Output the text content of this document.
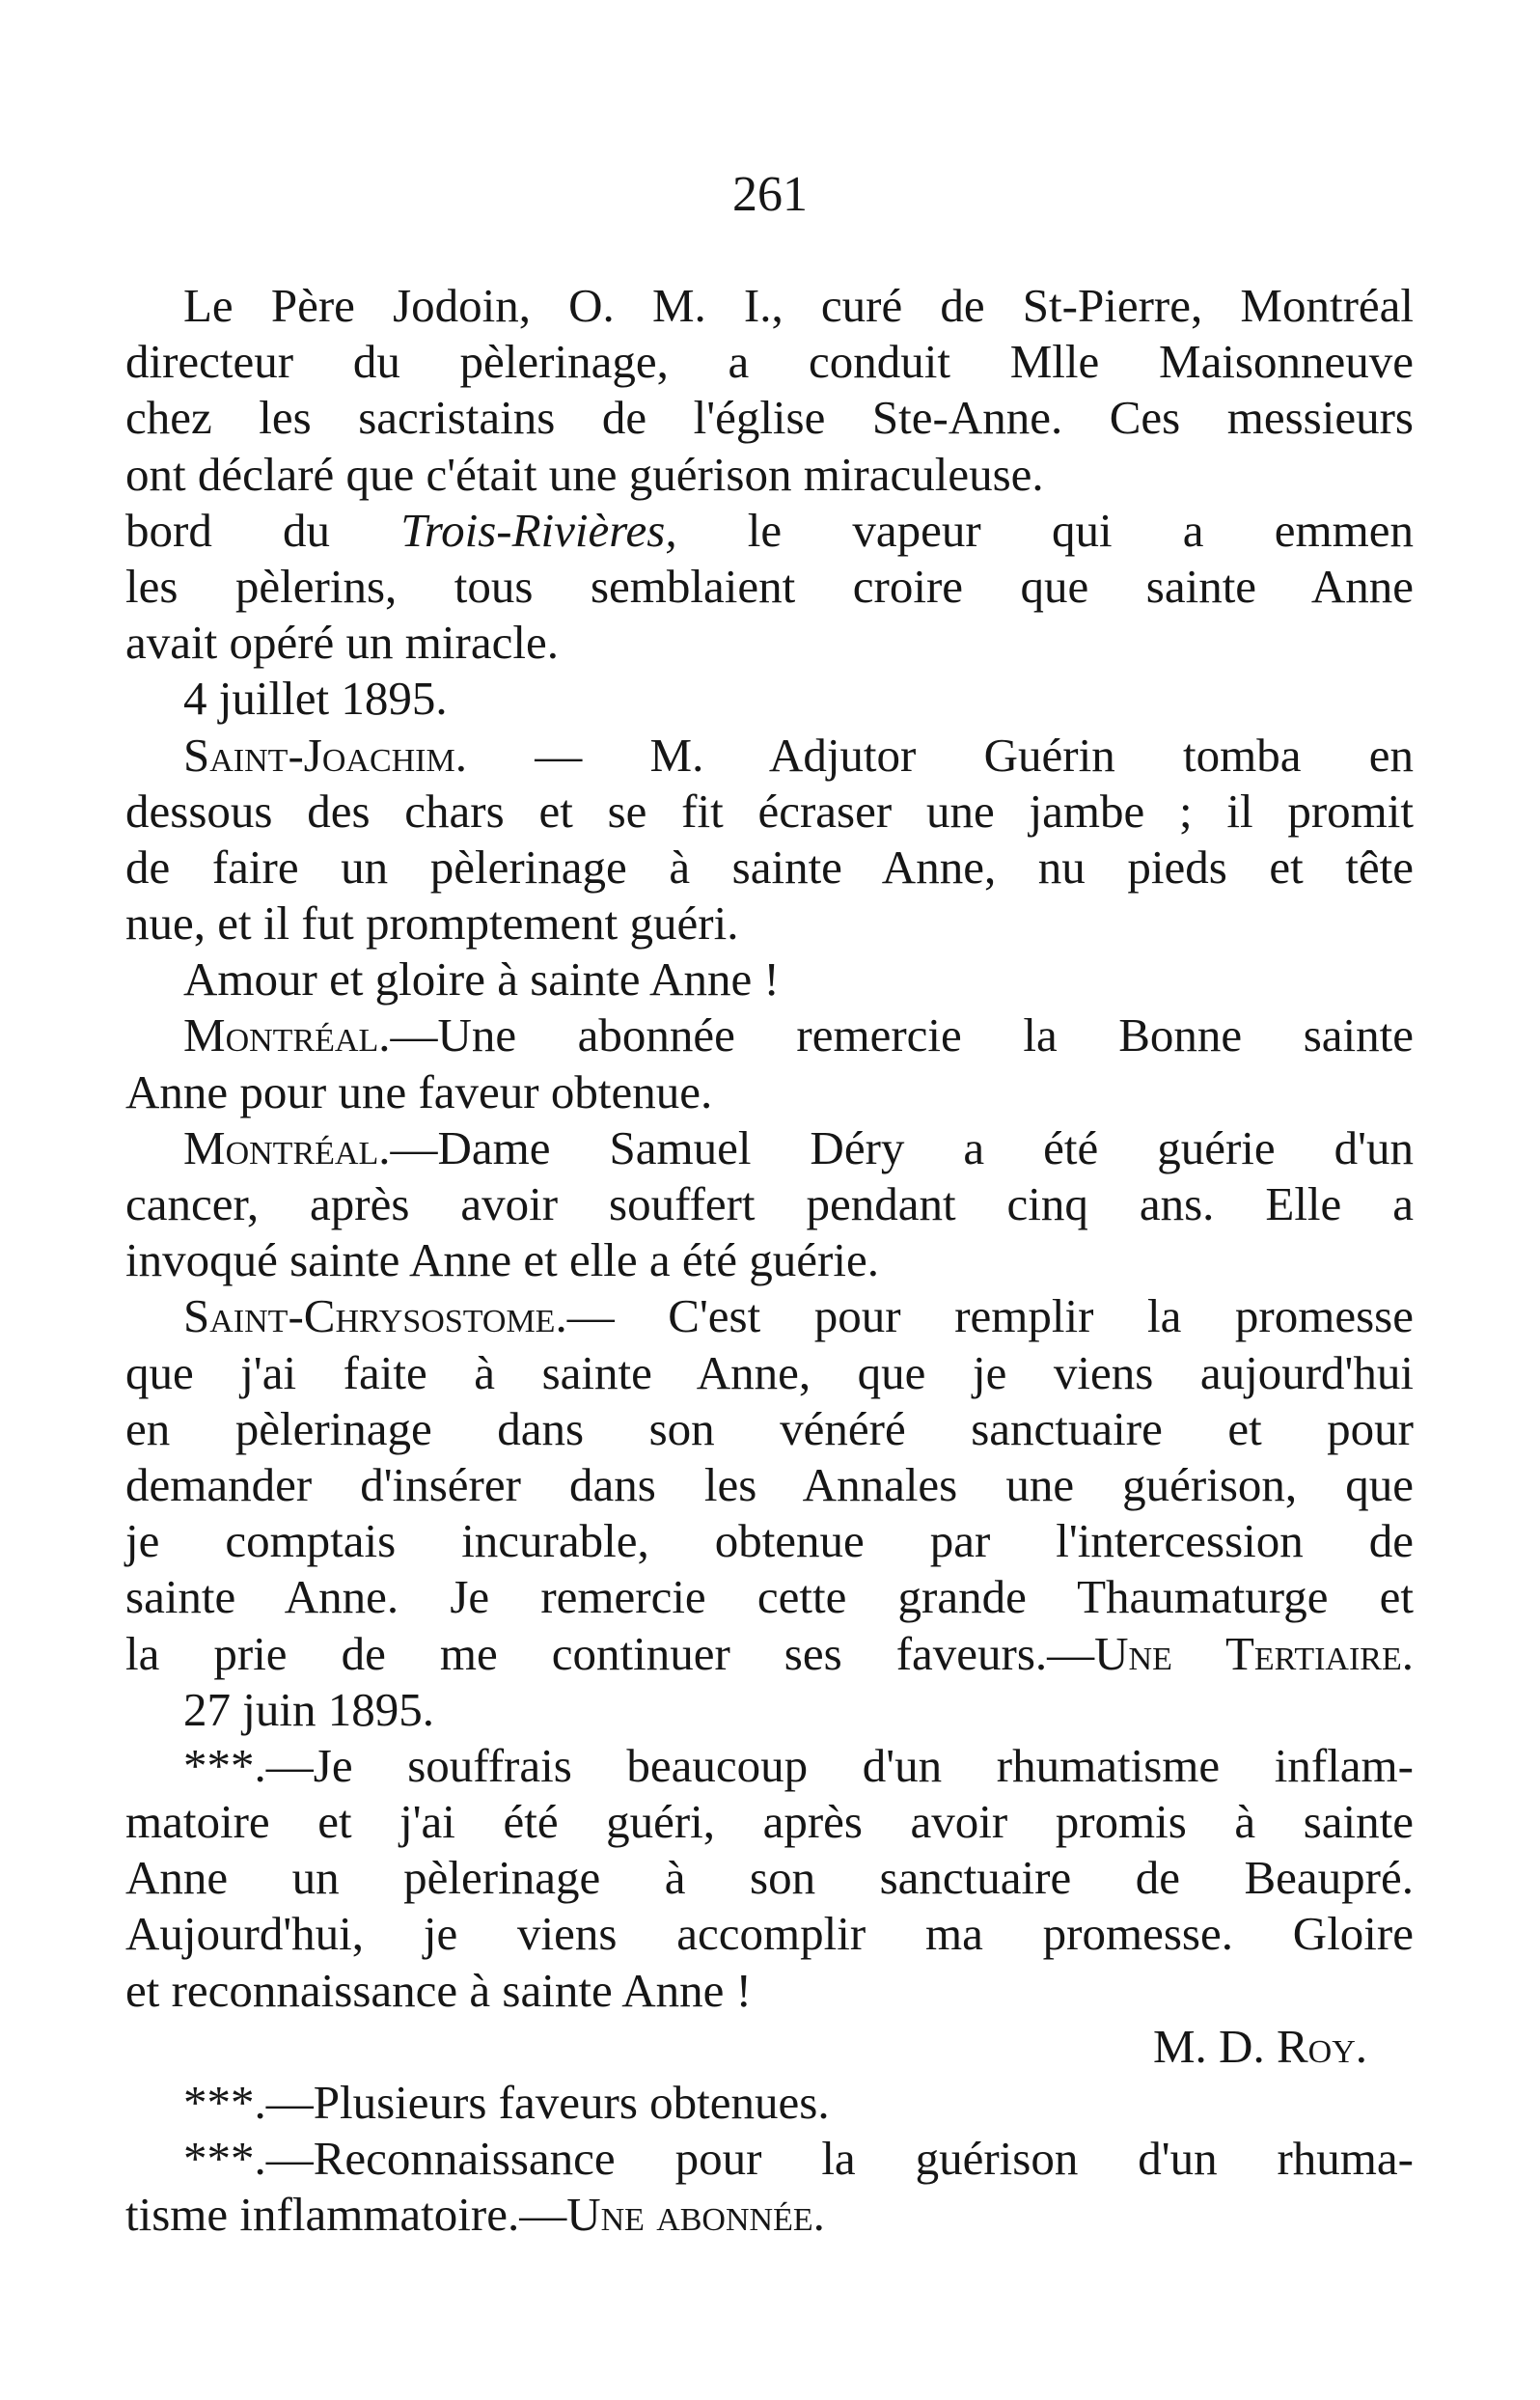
261
Le Père Jodoin, O. M. I., curé de St-Pierre, Montréal
directeur du pèlerinage, a conduit Mlle Maisonneuve
chez les sacristains de l'église Ste-Anne. Ces messieurs
ont déclaré que c'était une guérison miraculeuse.
bord du Trois-Rivières, le vapeur qui a emmen
les pèlerins, tous semblaient croire que sainte Anne
avait opéré un miracle.
4 juillet 1895.
Saint-Joachim. — M. Adjutor Guérin tomba en
dessous des chars et se fit écraser une jambe ; il promit
de faire un pèlerinage à sainte Anne, nu pieds et tête
nue, et il fut promptement guéri.
Amour et gloire à sainte Anne !
Montréal.—Une abonnée remercie la Bonne sainte
Anne pour une faveur obtenue.
Montréal.—Dame Samuel Déry a été guérie d'un
cancer, après avoir souffert pendant cinq ans. Elle a
invoqué sainte Anne et elle a été guérie.
Saint-Chrysostome.— C'est pour remplir la promesse
que j'ai faite à sainte Anne, que je viens aujourd'hui
en pèlerinage dans son vénéré sanctuaire et pour
demander d'insérer dans les Annales une guérison, que
je comptais incurable, obtenue par l'intercession de
sainte Anne. Je remercie cette grande Thaumaturge et
la prie de me continuer ses faveurs.—Une Tertiaire.
27 juin 1895.
***.—Je souffrais beaucoup d'un rhumatisme inflam-
matoire et j'ai été guéri, après avoir promis à sainte
Anne un pèlerinage à son sanctuaire de Beaupré.
Aujourd'hui, je viens accomplir ma promesse. Gloire
et reconnaissance à sainte Anne !
M. D. Roy.
***.—Plusieurs faveurs obtenues.
***.—Reconnaissance pour la guérison d'un rhuma-
tisme inflammatoire.—Une abonnée.
